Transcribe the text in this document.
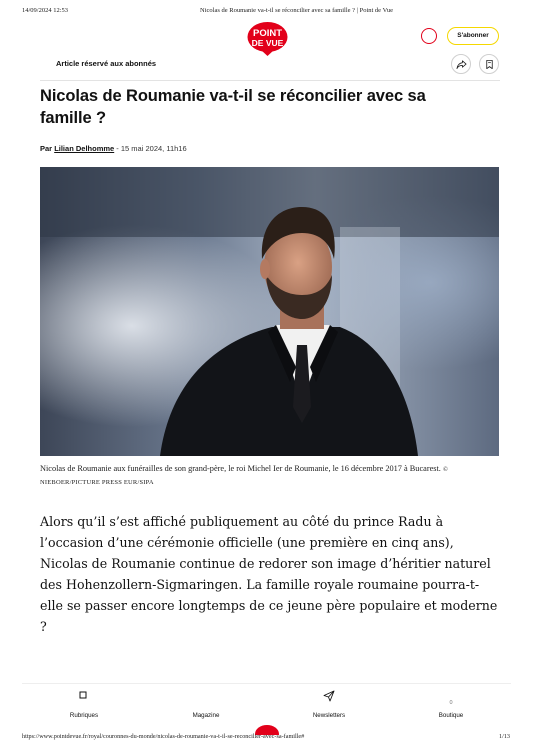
14/09/2024 12:53	Nicolas de Roumanie va-t-il se réconcilier avec sa famille ? | Point de Vue
POINT
DE VUE
S'abonner
Article réservé aux abonnés
Nicolas de Roumanie va-t-il se réconcilier avec sa famille ?
Par Lilian Delhomme - 15 mai 2024, 11h16
Nicolas de Roumanie aux funérailles de son grand-père, le roi Michel Ier de Roumanie, le 16 décembre 2017 à Bucarest. © NIEBOER/PICTURE PRESS EUR/SIPA
Alors qu’il s’est affiché publiquement au côté du prince Radu à l’occasion d’une cérémonie officielle (une première en cinq ans), Nicolas de Roumanie continue de redorer son image d’héritier naturel des Hohenzollern-Sigmaringen. La famille royale roumaine pourra-t-elle se passer encore longtemps de ce jeune père populaire et moderne ?
Rubriques	Magazine	Newsletters
0
Boutique
https://www.pointdevue.fr/royal/couronnes-du-monde/nicolas-de-roumanie-va-t-il-se-reconcilier-avec-sa-famille#	1/13
